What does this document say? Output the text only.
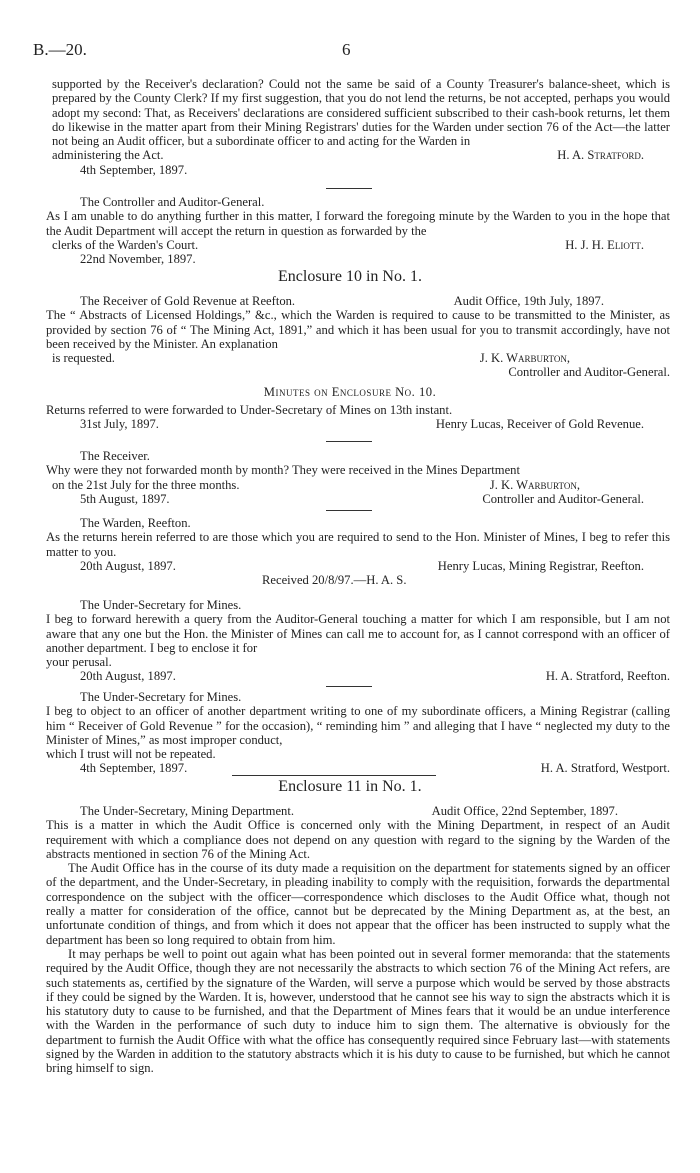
B.—20.	6

supported by the Receiver's declaration? Could not the same be said of a County Treasurer's balance-sheet, which is prepared by the County Clerk? If my first suggestion, that you do not lend the returns, be not accepted, perhaps you would adopt my second: That, as Receivers' declarations are considered sufficient subscribed to their cash-book returns, let them do likewise in the matter apart from their Mining Registrars' duties for the Warden under section 76 of the Act—the latter not being an Audit officer, but a subordinate officer to and acting for the Warden in

administering the Act.	H. A. Stratford.
4th September, 1897.
The Controller and Auditor-General.

As I am unable to do anything further in this matter, I forward the foregoing minute by the Warden to you in the hope that the Audit Department will accept the return in question as forwarded by the

clerks of the Warden's Court.	H. J. H. Eliott.
22nd November, 1897.
Enclosure 10 in No. 1.
The Receiver of Gold Revenue at Reefton.	Audit Office, 19th July, 1897.

The “ Abstracts of Licensed Holdings,” &c., which the Warden is required to cause to be transmitted to the Minister, as provided by section 76 of “ The Mining Act, 1891,” and which it has been usual for you to transmit accordingly, have not been received by the Minister. An explanation

is requested.	J. K. Warburton,
Controller and Auditor-General.
Minutes on Enclosure No. 10.

Returns referred to were forwarded to Under-Secretary of Mines on 13th instant.

31st July, 1897.	Henry Lucas, Receiver of Gold Revenue.
The Receiver.

Why were they not forwarded month by month? They were received in the Mines Department

on the 21st July for the three months.	J. K. Warburton,
5th August, 1897.	Controller and Auditor-General.
The Warden, Reefton.

As the returns herein referred to are those which you are required to send to the Hon. Minister of Mines, I beg to refer this matter to you.

20th August, 1897.	Henry Lucas, Mining Registrar, Reefton.
Received 20/8/97.—H. A. S.
The Under-Secretary for Mines.

I beg to forward herewith a query from the Auditor-General touching a matter for which I am responsible, but I am not aware that any one but the Hon. the Minister of Mines can call me to account for, as I cannot correspond with an officer of another department. I beg to enclose it for

your perusal.
20th August, 1897.	H. A. Stratford, Reefton.
The Under-Secretary for Mines.

I beg to object to an officer of another department writing to one of my subordinate officers, a Mining Registrar (calling him “ Receiver of Gold Revenue ” for the occasion), “ reminding him ” and alleging that I have “ neglected my duty to the Minister of Mines,” as most improper conduct,

which I trust will not be repeated.
4th September, 1897.	H. A. Stratford, Westport.
Enclosure 11 in No. 1.
The Under-Secretary, Mining Department.	Audit Office, 22nd September, 1897.

This is a matter in which the Audit Office is concerned only with the Mining Department, in respect of an Audit requirement with which a compliance does not depend on any question with regard to the signing by the Warden of the abstracts mentioned in section 76 of the Mining Act.

The Audit Office has in the course of its duty made a requisition on the department for statements signed by an officer of the department, and the Under-Secretary, in pleading inability to comply with the requisition, forwards the departmental correspondence on the subject with the officer—correspondence which discloses to the Audit Office what, though not really a matter for consideration of the office, cannot but be deprecated by the Mining Department as, at the best, an unfortunate condition of things, and from which it does not appear that the officer has been instructed to supply what the department has been so long required to obtain from him.

It may perhaps be well to point out again what has been pointed out in several former memoranda: that the statements required by the Audit Office, though they are not necessarily the abstracts to which section 76 of the Mining Act refers, are such statements as, certified by the signature of the Warden, will serve a purpose which would be served by those abstracts if they could be signed by the Warden. It is, however, understood that he cannot see his way to sign the abstracts which it is his statutory duty to cause to be furnished, and that the Department of Mines fears that it would be an undue interference with the Warden in the performance of such duty to induce him to sign them. The alternative is obviously for the department to furnish the Audit Office with what the office has consequently required since February last—with statements signed by the Warden in addition to the statutory abstracts which it is his duty to cause to be furnished, but which he cannot bring himself to sign.
